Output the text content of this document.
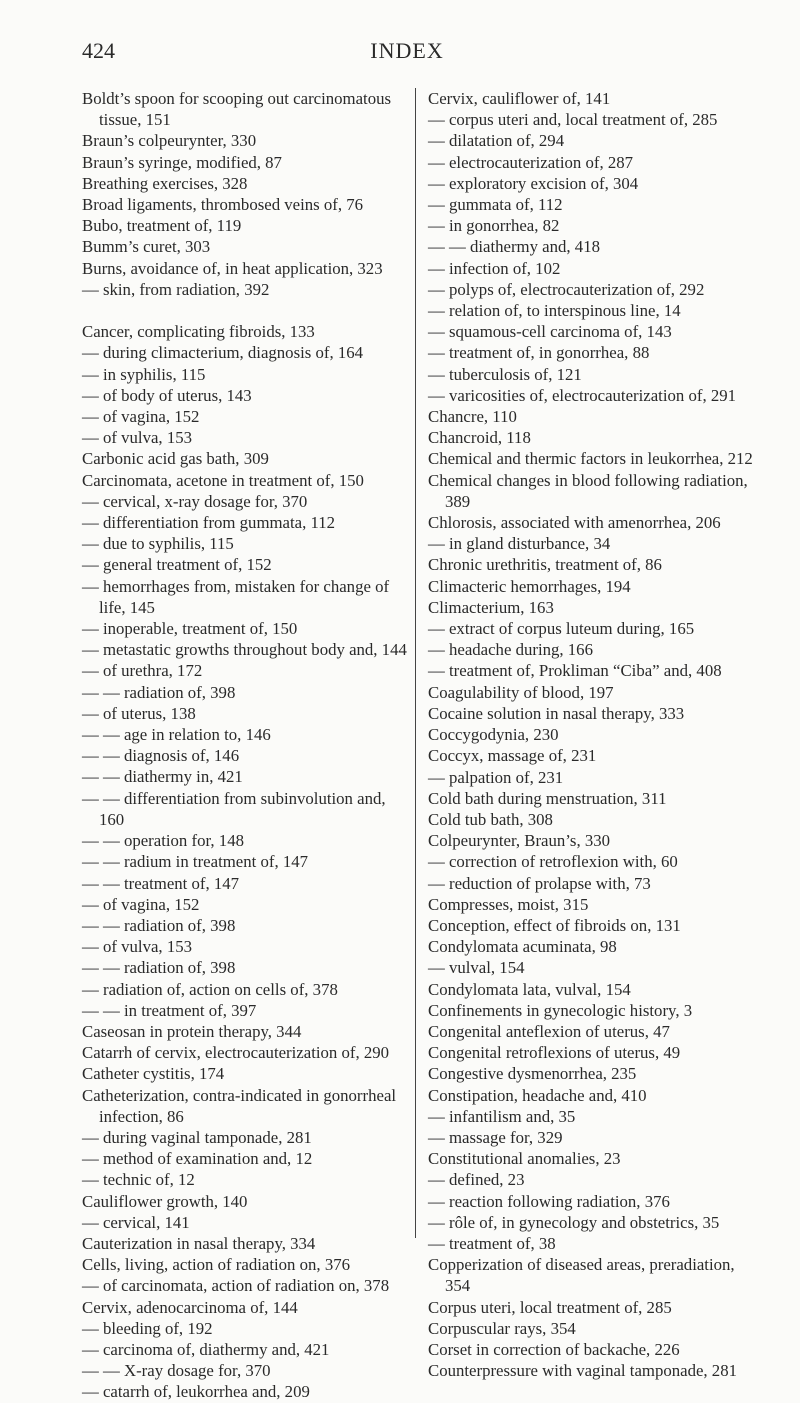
424	INDEX
Boldt’s spoon for scooping out carcinomatous tissue, 151
Braun’s colpeurynter, 330
Braun’s syringe, modified, 87
Breathing exercises, 328
Broad ligaments, thrombosed veins of, 76
Bubo, treatment of, 119
Bumm’s curet, 303
Burns, avoidance of, in heat application, 323
— skin, from radiation, 392
Cancer, complicating fibroids, 133
— during climacterium, diagnosis of, 164
— in syphilis, 115
— of body of uterus, 143
— of vagina, 152
— of vulva, 153
Carbonic acid gas bath, 309
Carcinomata, acetone in treatment of, 150
— cervical, x-ray dosage for, 370
— differentiation from gummata, 112
— due to syphilis, 115
— general treatment of, 152
— hemorrhages from, mistaken for change of life, 145
— inoperable, treatment of, 150
— metastatic growths throughout body and, 144
— of urethra, 172
— — radiation of, 398
— of uterus, 138
— — age in relation to, 146
— — diagnosis of, 146
— — diathermy in, 421
— — differentiation from subinvolution and, 160
— — operation for, 148
— — radium in treatment of, 147
— — treatment of, 147
— of vagina, 152
— — radiation of, 398
— of vulva, 153
— — radiation of, 398
— radiation of, action on cells of, 378
— — in treatment of, 397
Caseosan in protein therapy, 344
Catarrh of cervix, electrocauterization of, 290
Catheter cystitis, 174
Catheterization, contra-indicated in gonorrheal infection, 86
— during vaginal tamponade, 281
— method of examination and, 12
— technic of, 12
Cauliflower growth, 140
— cervical, 141
Cauterization in nasal therapy, 334
Cells, living, action of radiation on, 376
— of carcinomata, action of radiation on, 378
Cervix, adenocarcinoma of, 144
— bleeding of, 192
— carcinoma of, diathermy and, 421
— — X-ray dosage for, 370
— catarrh of, leukorrhea and, 209
Cervix, cauliflower of, 141
— corpus uteri and, local treatment of, 285
— dilatation of, 294
— electrocauterization of, 287
— exploratory excision of, 304
— gummata of, 112
— in gonorrhea, 82
— — diathermy and, 418
— infection of, 102
— polyps of, electrocauterization of, 292
— relation of, to interspinous line, 14
— squamous-cell carcinoma of, 143
— treatment of, in gonorrhea, 88
— tuberculosis of, 121
— varicosities of, electrocauterization of, 291
Chancre, 110
Chancroid, 118
Chemical and thermic factors in leukorrhea, 212
Chemical changes in blood following radiation, 389
Chlorosis, associated with amenorrhea, 206
— in gland disturbance, 34
Chronic urethritis, treatment of, 86
Climacteric hemorrhages, 194
Climacterium, 163
— extract of corpus luteum during, 165
— headache during, 166
— treatment of, Prokliman “Ciba” and, 408
Coagulability of blood, 197
Cocaine solution in nasal therapy, 333
Coccygodynia, 230
Coccyx, massage of, 231
— palpation of, 231
Cold bath during menstruation, 311
Cold tub bath, 308
Colpeurynter, Braun’s, 330
— correction of retroflexion with, 60
— reduction of prolapse with, 73
Compresses, moist, 315
Conception, effect of fibroids on, 131
Condylomata acuminata, 98
— vulval, 154
Condylomata lata, vulval, 154
Confinements in gynecologic history, 3
Congenital anteflexion of uterus, 47
Congenital retroflexions of uterus, 49
Congestive dysmenorrhea, 235
Constipation, headache and, 410
— infantilism and, 35
— massage for, 329
Constitutional anomalies, 23
— defined, 23
— reaction following radiation, 376
— rôle of, in gynecology and obstetrics, 35
— treatment of, 38
Copperization of diseased areas, preradiation, 354
Corpus uteri, local treatment of, 285
Corpuscular rays, 354
Corset in correction of backache, 226
Counterpressure with vaginal tamponade, 281
